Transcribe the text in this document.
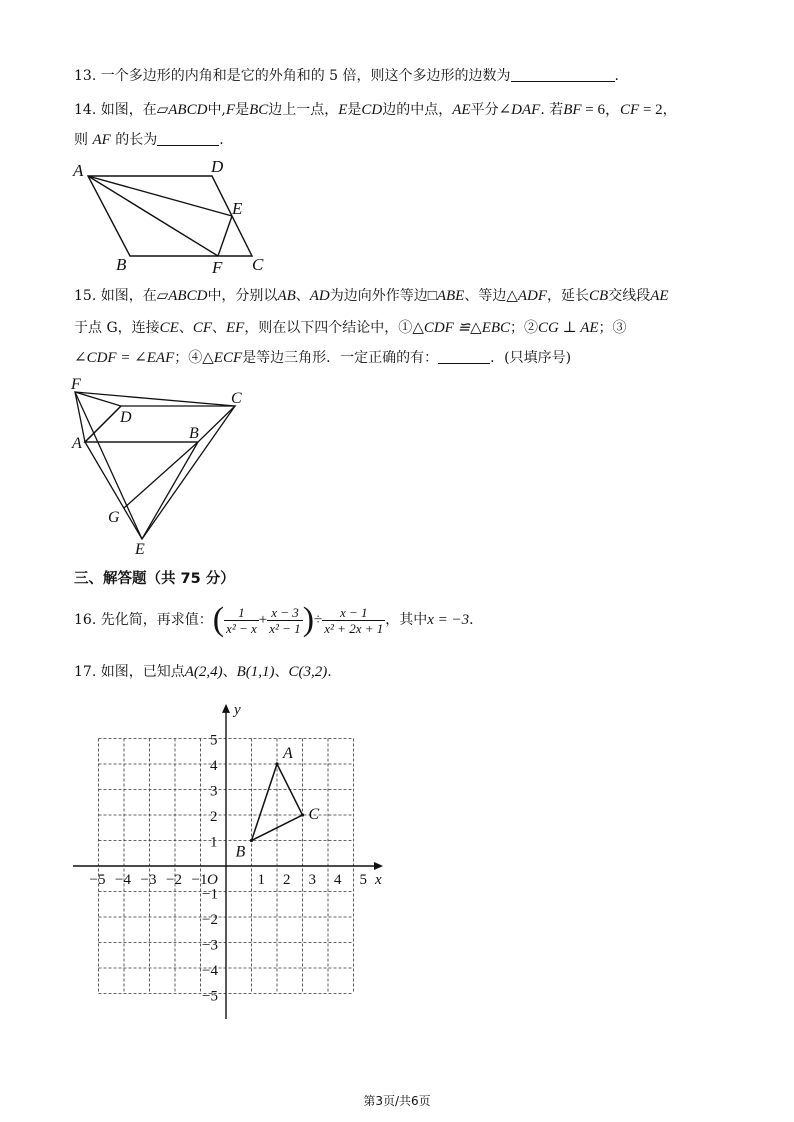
13. 一个多边形的内角和是它的外角和的 5 倍，则这个多边形的边数为	.
14. 如图，在▱ABCD中,F是BC边上一点，E是CD边的中点，AE平分∠DAF. 若BF = 6，CF = 2，
则 AF 的长为	.
A	D
E
B	F C
15. 如图，在▱ABCD中，分别以AB、AD为边向外作等边□ABE、等边△ADF，延长CB交线段AE
于点 G，连接CE、CF、EF，则在以下四个结论中，①△CDF ≌△EBC；②CG ⊥ AE；③
∠CDF = ∠EAF；④△ECF是等边三角形．一定正确的有：	．(只填序号)
F
D
C
A
B
G
E
三、解答题（共 75 分）
16. 先化简，再求值：( $\frac{1}{\text{x² − x}} + \frac{x - 3}{\text{x² − 1}}$ )÷ $\frac{x - 1}{\text{x² + 2x + 1}}$ ，其中x = −3.
17. 如图，已知点A(2,4)、B(1,1)、C(3,2).
x
y
O
−5 −4 −3 −2 −1	1 2 3 4 5
5
4
3
2
1
−1
−2
−3
−4
−5
A
B
C
第3页/共6页
